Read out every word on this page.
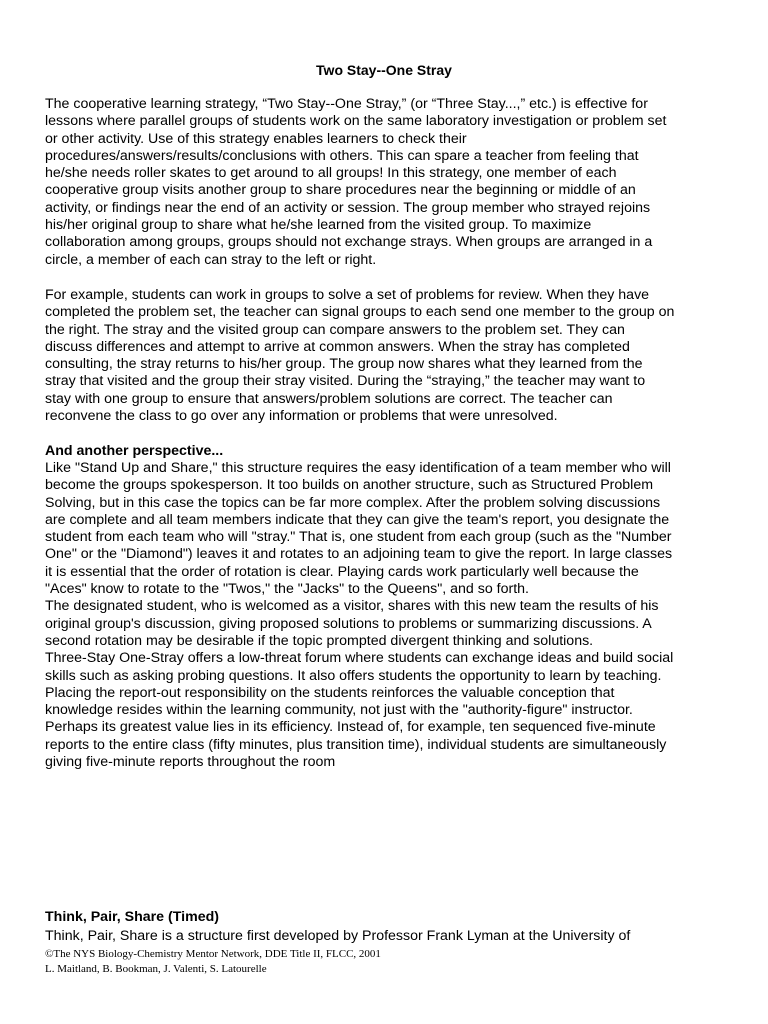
Two Stay--One Stray
The cooperative learning strategy, “Two Stay--One Stray,” (or “Three Stay...,” etc.) is effective for
lessons where parallel groups of students work on the same laboratory investigation or problem set
or other activity. Use of this strategy enables learners to check their
procedures/answers/results/conclusions with others. This can spare a teacher from feeling that
he/she needs roller skates to get around to all groups! In this strategy, one member of each
cooperative group visits another group to share procedures near the beginning or middle of an
activity, or findings near the end of an activity or session. The group member who strayed rejoins
his/her original group to share what he/she learned from the visited group. To maximize
collaboration among groups, groups should not exchange strays. When groups are arranged in a
circle, a member of each can stray to the left or right.
For example, students can work in groups to solve a set of problems for review. When they have
completed the problem set, the teacher can signal groups to each send one member to the group on
the right. The stray and the visited group can compare answers to the problem set. They can
discuss differences and attempt to arrive at common answers. When the stray has completed
consulting, the stray returns to his/her group. The group now shares what they learned from the
stray that visited and the group their stray visited. During the “straying,” the teacher may want to
stay with one group to ensure that answers/problem solutions are correct. The teacher can
reconvene the class to go over any information or problems that were unresolved.
And another perspective...
Like "Stand Up and Share," this structure requires the easy identification of a team member who will
become the groups spokesperson. It too builds on another structure, such as Structured Problem
Solving, but in this case the topics can be far more complex. After the problem solving discussions
are complete and all team members indicate that they can give the team's report, you designate the
student from each team who will "stray." That is, one student from each group (such as the "Number
One" or the "Diamond") leaves it and rotates to an adjoining team to give the report. In large classes
it is essential that the order of rotation is clear. Playing cards work particularly well because the
"Aces" know to rotate to the "Twos," the "Jacks" to the Queens", and so forth.
The designated student, who is welcomed as a visitor, shares with this new team the results of his
original group's discussion, giving proposed solutions to problems or summarizing discussions. A
second rotation may be desirable if the topic prompted divergent thinking and solutions.
Three-Stay One-Stray offers a low-threat forum where students can exchange ideas and build social
skills such as asking probing questions. It also offers students the opportunity to learn by teaching.
Placing the report-out responsibility on the students reinforces the valuable conception that
knowledge resides within the learning community, not just with the "authority-figure" instructor.
Perhaps its greatest value lies in its efficiency. Instead of, for example, ten sequenced five-minute
reports to the entire class (fifty minutes, plus transition time), individual students are simultaneously
giving five-minute reports throughout the room
Think, Pair, Share (Timed)
Think, Pair, Share is a structure first developed by Professor Frank Lyman at the University of
©The NYS Biology-Chemistry Mentor Network, DDE Title II, FLCC, 2001
L. Maitland, B. Bookman, J. Valenti, S. Latourelle
